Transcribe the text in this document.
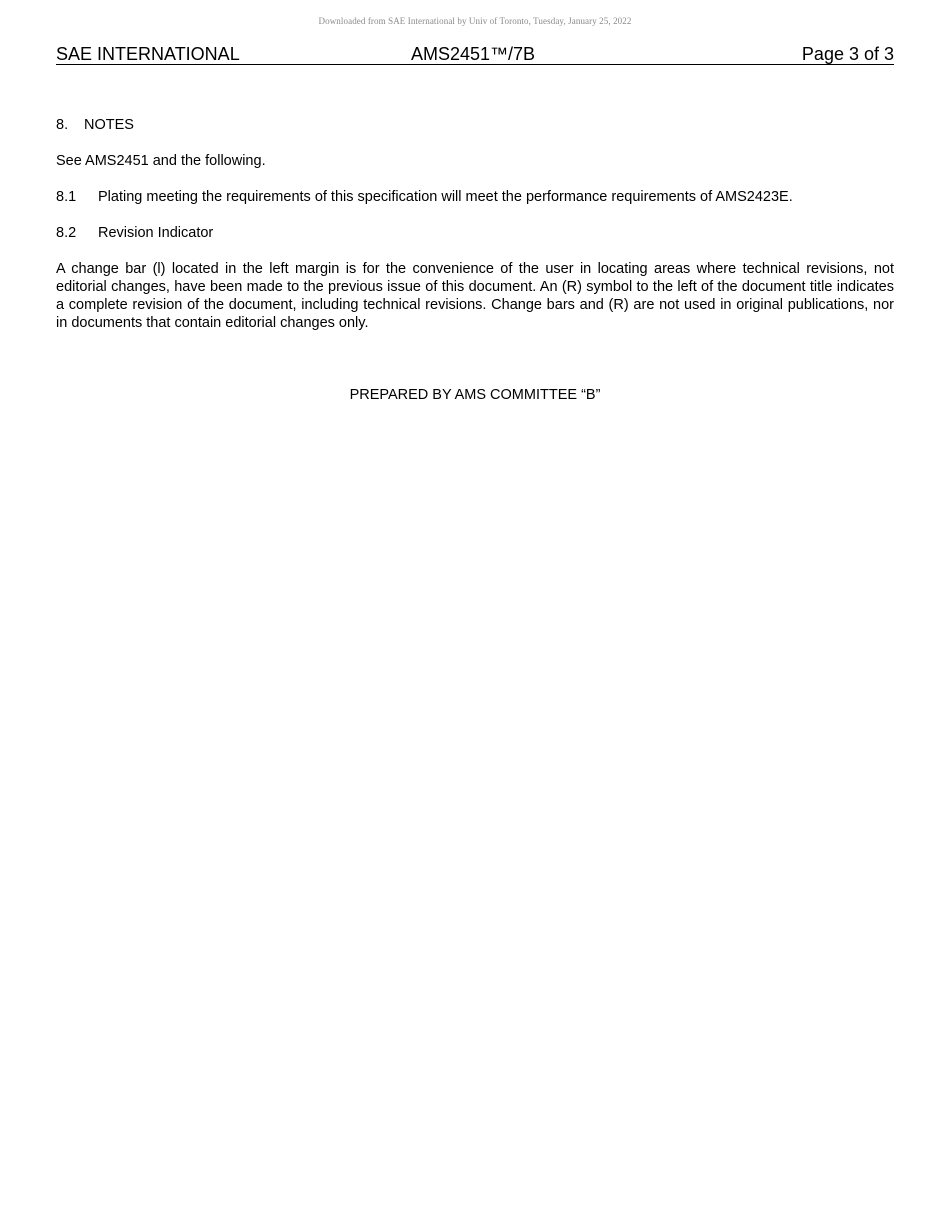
Downloaded from SAE International by Univ of Toronto, Tuesday, January 25, 2022
SAE INTERNATIONAL	AMS2451™/7B	Page 3 of 3

8. NOTES

See AMS2451 and the following.

8.1 Plating meeting the requirements of this specification will meet the performance requirements of AMS2423E.

8.2 Revision Indicator

A change bar (l) located in the left margin is for the convenience of the user in locating areas where technical revisions, not editorial changes, have been made to the previous issue of this document. An (R) symbol to the left of the document title indicates a complete revision of the document, including technical revisions. Change bars and (R) are not used in original publications, nor in documents that contain editorial changes only.

PREPARED BY AMS COMMITTEE “B”
